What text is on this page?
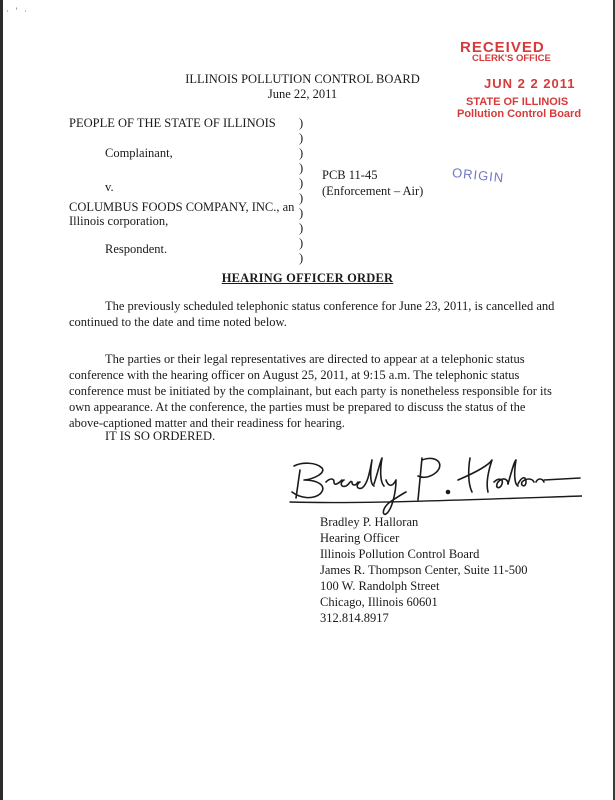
·’·
ILLINOIS POLLUTION CONTROL BOARD
June 22, 2011
RECEIVED
CLERK'S OFFICE
JUN 2 2 2011
STATE OF ILLINOIS
Pollution Control Board
ORIGIN
PEOPLE OF THE STATE OF ILLINOIS
Complainant,
v.
COLUMBUS FOODS COMPANY, INC., an
Illinois corporation,
Respondent.
PCB 11-45
(Enforcement – Air)
)
)
)
)
)
)
)
)
)
)
HEARING OFFICER ORDER
The previously scheduled telephonic status conference for June 23, 2011, is cancelled and
continued to the date and time noted below.
The parties or their legal representatives are directed to appear at a telephonic status
conference with the hearing officer on August 25, 2011, at 9:15 a.m. The telephonic status
conference must be initiated by the complainant, but each party is nonetheless responsible for its
own appearance. At the conference, the parties must be prepared to discuss the status of the
above-captioned matter and their readiness for hearing.
IT IS SO ORDERED.
Bradley P. Halloran
Hearing Officer
Illinois Pollution Control Board
James R. Thompson Center, Suite 11-500
100 W. Randolph Street
Chicago, Illinois 60601
312.814.8917
